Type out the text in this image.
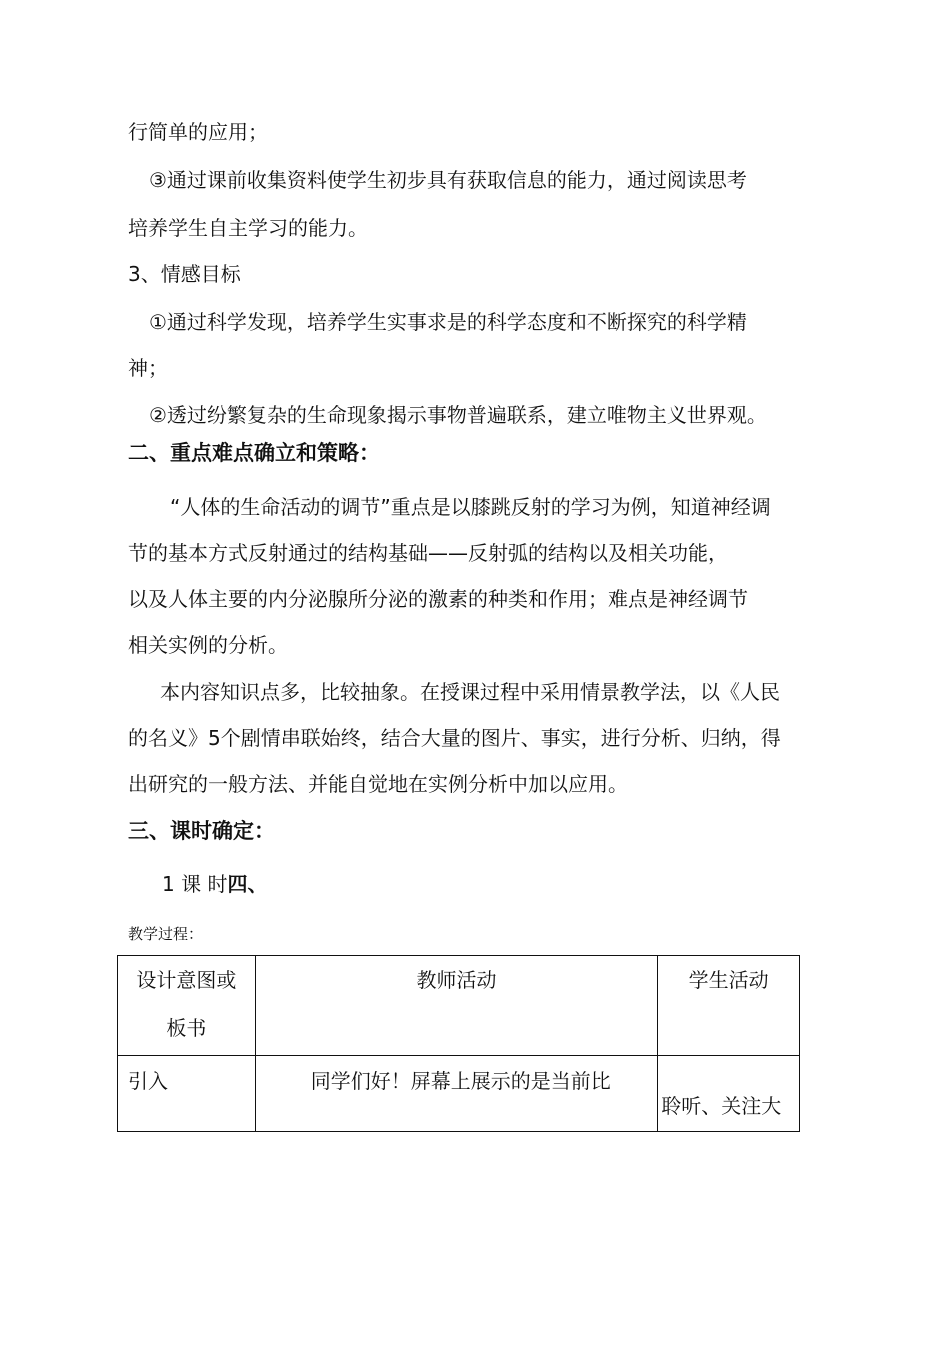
行简单的应用；
③通过课前收集资料使学生初步具有获取信息的能力，通过阅读思考
培养学生自主学习的能力。
3、情感目标
①通过科学发现，培养学生实事求是的科学态度和不断探究的科学精
神；
②透过纷繁复杂的生命现象揭示事物普遍联系，建立唯物主义世界观。
二、重点难点确立和策略：
“人体的生命活动的调节”重点是以膝跳反射的学习为例，知道神经调
节的基本方式反射通过的结构基础——反射弧的结构以及相关功能，
以及人体主要的内分泌腺所分泌的激素的种类和作用；难点是神经调节
相关实例的分析。
本内容知识点多，比较抽象。在授课过程中采用情景教学法，以《人民
的名义》5个剧情串联始终，结合大量的图片、事实，进行分析、归纳，得
出研究的一般方法、并能自觉地在实例分析中加以应用。
三、课时确定：
1 课 时四、
教学过程：
设计意图或
板书	教师活动	学生活动

引入	同学们好！屏幕上展示的是当前比	聆听、关注大
